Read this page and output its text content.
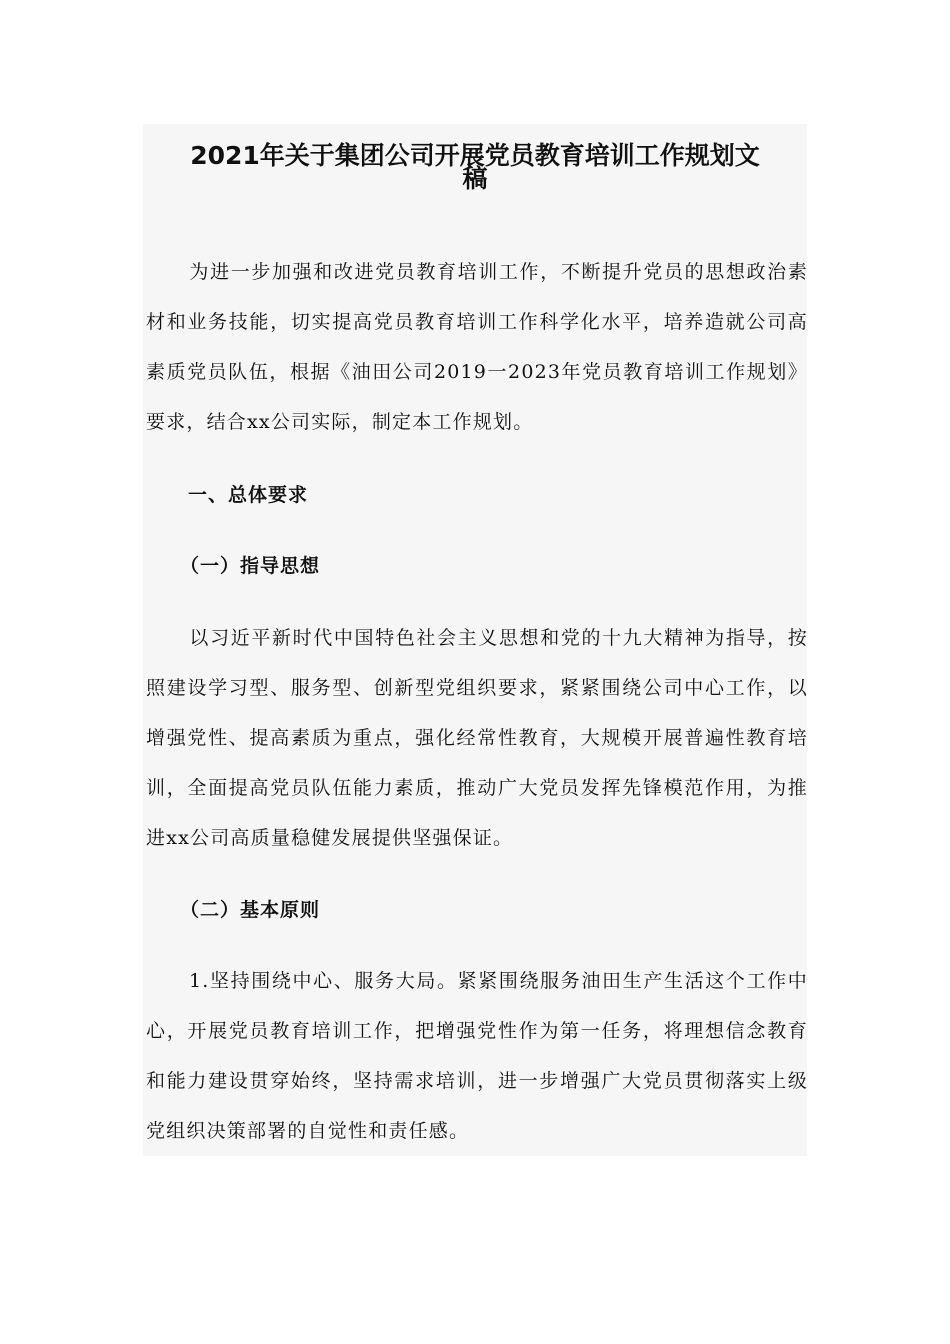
2021年关于集团公司开展党员教育培训工作规划文
稿

为进一步加强和改进党员教育培训工作，不断提升党员的思想政治素材和业务技能，切实提高党员教育培训工作科学化水平，培养造就公司高素质党员队伍，根据《油田公司2019一2023年党员教育培训工作规划》要求，结合xx公司实际，制定本工作规划。

一、总体要求
（一）指导思想

以习近平新时代中国特色社会主义思想和党的十九大精神为指导，按照建设学习型、服务型、创新型党组织要求，紧紧围绕公司中心工作，以增强党性、提高素质为重点，强化经常性教育，大规模开展普遍性教育培训，全面提高党员队伍能力素质，推动广大党员发挥先锋模范作用，为推进xx公司高质量稳健发展提供坚强保证。

（二）基本原则

1.坚持围绕中心、服务大局。紧紧围绕服务油田生产生活这个工作中心，开展党员教育培训工作，把增强党性作为第一任务，将理想信念教育和能力建设贯穿始终，坚持需求培训，进一步增强广大党员贯彻落实上级党组织决策部署的自觉性和责任感。
